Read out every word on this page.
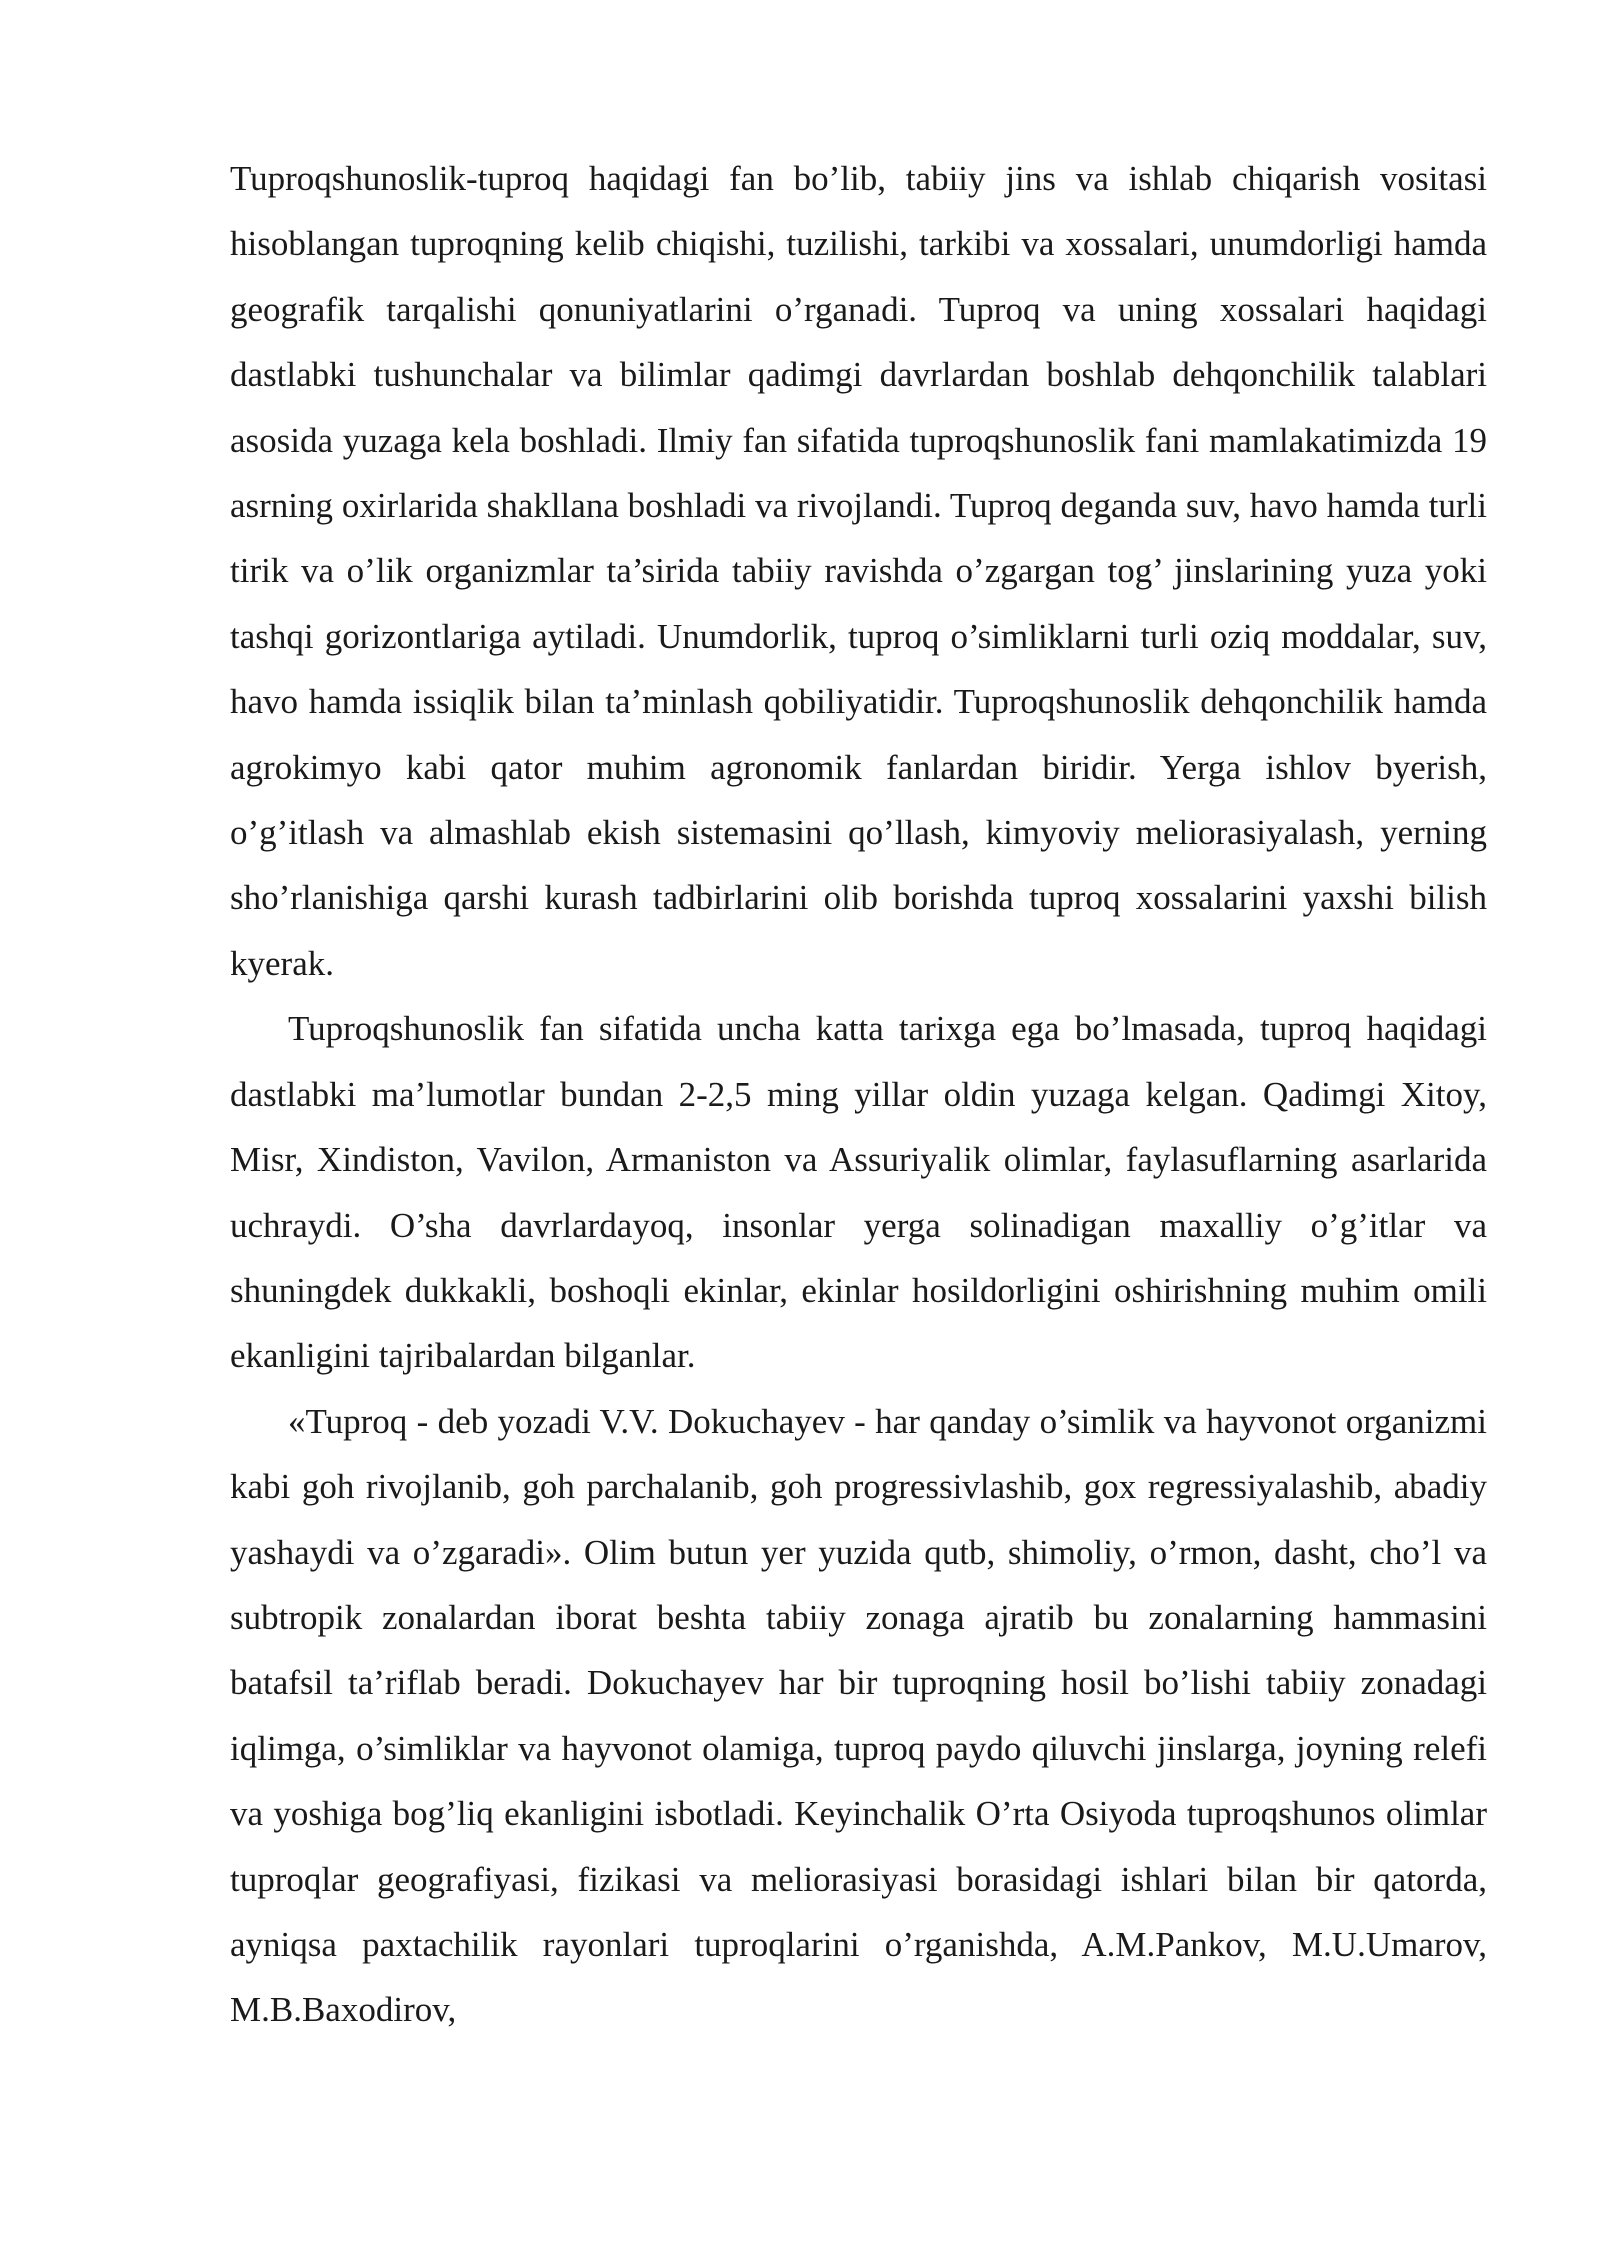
Tuproqshunoslik-tuproq haqidagi fan bo’lib, tabiiy jins va ishlab chiqarish vositasi hisoblangan tuproqning kelib chiqishi, tuzilishi, tarkibi va xossalari, unumdorligi hamda geografik tarqalishi qonuniyatlarini o’rganadi. Tuproq va uning xossalari haqidagi dastlabki tushunchalar va bilimlar qadimgi davrlardan boshlab dehqonchilik talablari asosida yuzaga kela boshladi. Ilmiy fan sifatida tuproqshunoslik fani mamlakatimizda 19 asrning oxirlarida shakllana boshladi va rivojlandi. Tuproq deganda suv, havo hamda turli tirik va o’lik organizmlar ta’sirida tabiiy ravishda o’zgargan tog’ jinslarining yuza yoki tashqi gorizontlariga aytiladi. Unumdorlik, tuproq o’simliklarni turli oziq moddalar, suv, havo hamda issiqlik bilan ta’minlash qobiliyatidir. Tuproqshunoslik dehqonchilik hamda agrokimyo kabi qator muhim agronomik fanlardan biridir. Yerga ishlov byerish, o’g’itlash va almashlab ekish sistemasini qo’llash, kimyoviy meliorasiyalash, yerning sho’rlanishiga qarshi kurash tadbirlarini olib borishda tuproq xossalarini yaxshi bilish kyerak.

Tuproqshunoslik fan sifatida uncha katta tarixga ega bo’lmasada, tuproq haqidagi dastlabki ma’lumotlar bundan 2-2,5 ming yillar oldin yuzaga kelgan. Qadimgi Xitoy, Misr, Xindiston, Vavilon, Armaniston va Assuriyalik olimlar, faylasuflarning asarlarida uchraydi. O’sha davrlardayoq, insonlar yerga solinadigan maxalliy o’g’itlar va shuningdek dukkakli, boshoqli ekinlar, ekinlar hosildorligini oshirishning muhim omili ekanligini tajribalardan bilganlar.

«Tuproq - deb yozadi V.V. Dokuchayev - har qanday o’simlik va hayvonot organizmi kabi goh rivojlanib, goh parchalanib, goh progressivlashib, gox regressiyalashib, abadiy yashaydi va o’zgaradi». Olim butun yer yuzida qutb, shimoliy, o’rmon, dasht, cho’l va subtropik zonalardan iborat beshta tabiiy zonaga ajratib bu zonalarning hammasini batafsil ta’riflab beradi. Dokuchayev har bir tuproqning hosil bo’lishi tabiiy zonadagi iqlimga, o’simliklar va hayvonot olamiga, tuproq paydo qiluvchi jinslarga, joyning relefi va yoshiga bog’liq ekanligini isbotladi. Keyinchalik O’rta Osiyoda tuproqshunos olimlar tuproqlar geografiyasi, fizikasi va meliorasiyasi borasidagi ishlari bilan bir qatorda, ayniqsa paxtachilik rayonlari tuproqlarini o’rganishda, A.M.Pankov, M.U.Umarov, M.B.Baxodirov,
